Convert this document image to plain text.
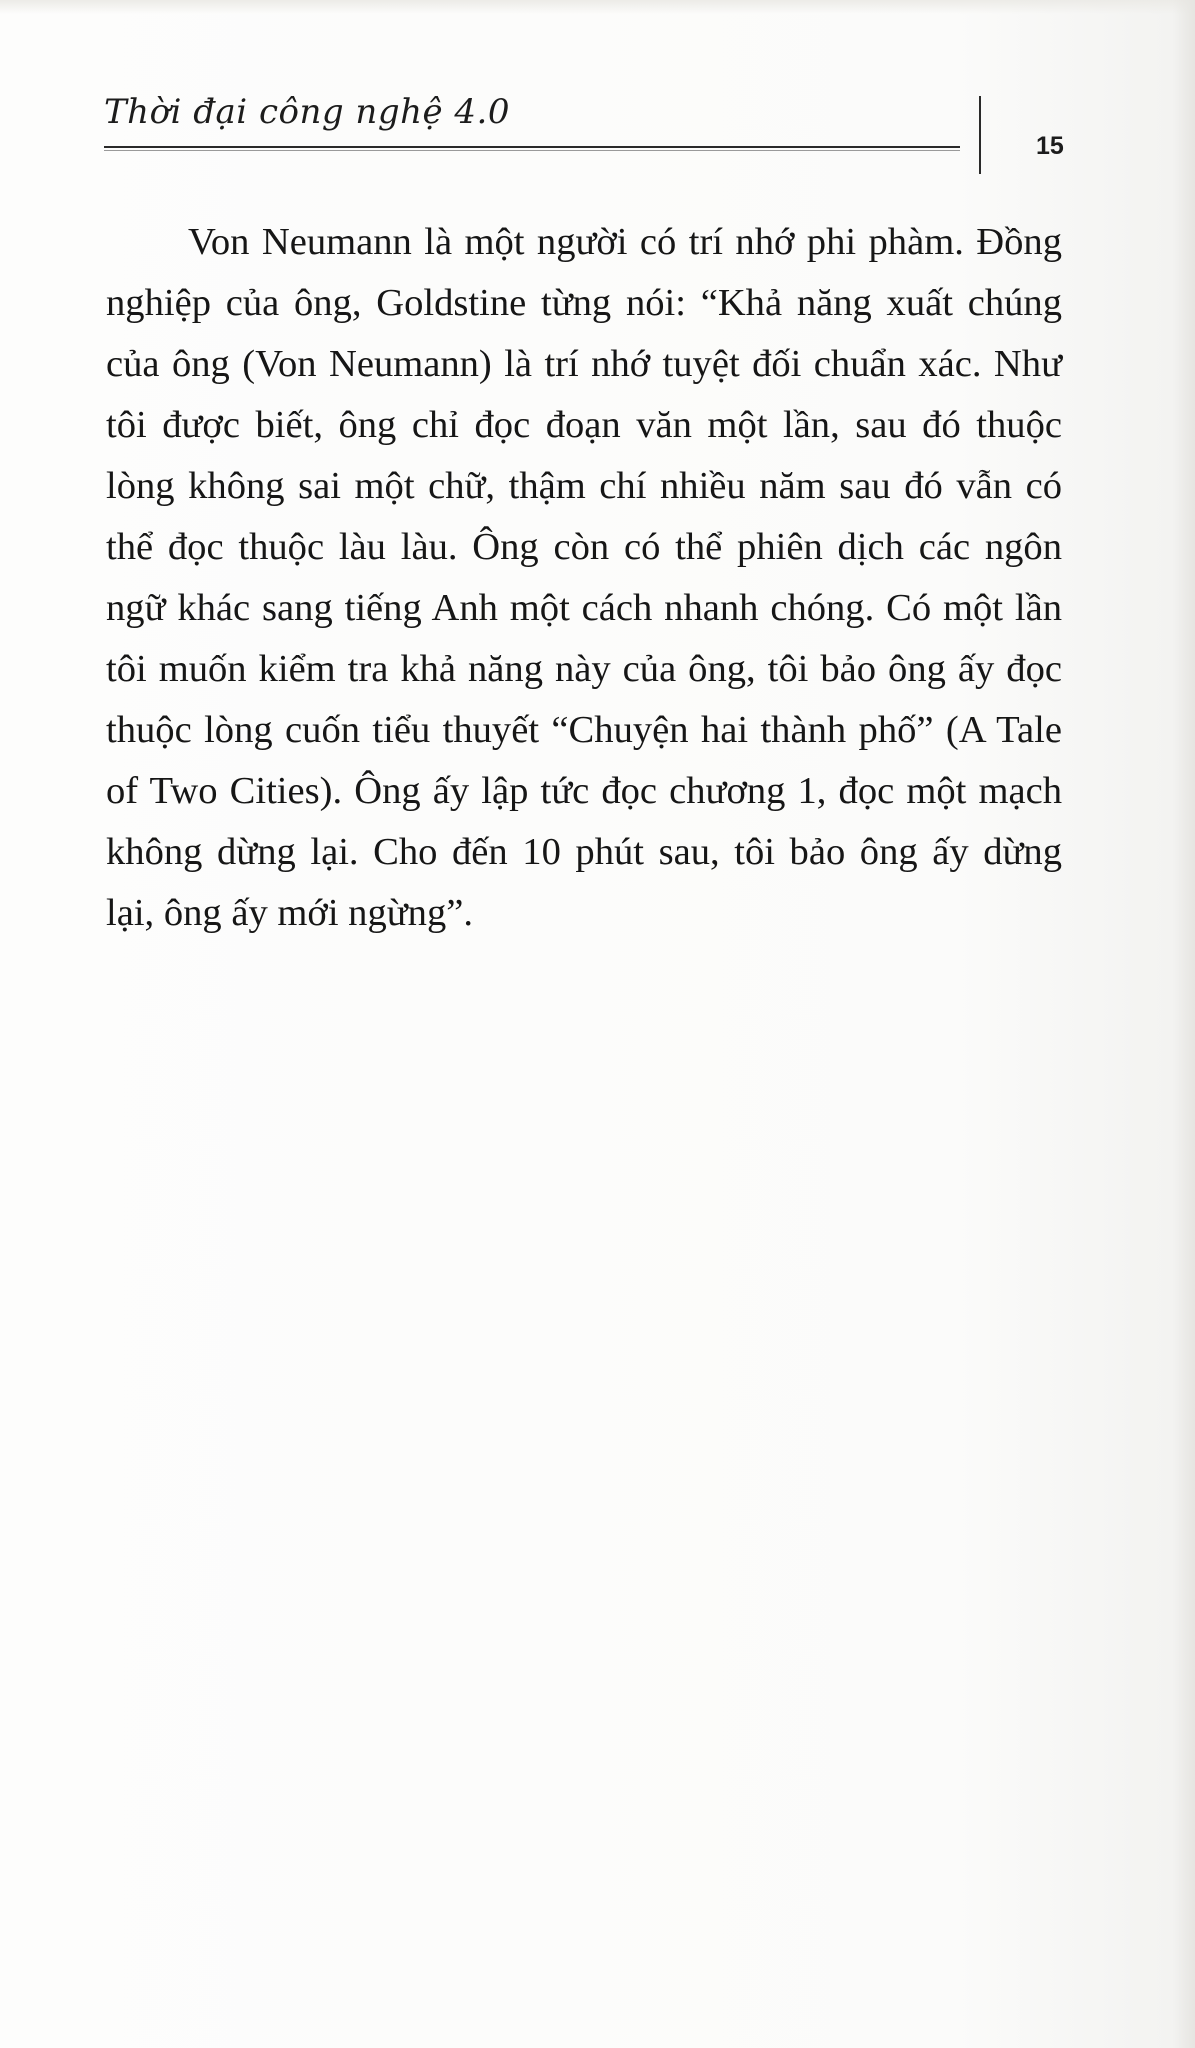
Thời đại công nghệ 4.0
15

Von Neumann là một người có trí nhớ phi phàm. Đồng
nghiệp của ông, Goldstine từng nói: “Khả năng xuất chúng
của ông (Von Neumann) là trí nhớ tuyệt đối chuẩn xác. Như
tôi được biết, ông chỉ đọc đoạn văn một lần, sau đó thuộc
lòng không sai một chữ, thậm chí nhiều năm sau đó vẫn có
thể đọc thuộc làu làu. Ông còn có thể phiên dịch các ngôn
ngữ khác sang tiếng Anh một cách nhanh chóng. Có một lần
tôi muốn kiểm tra khả năng này của ông, tôi bảo ông ấy đọc
thuộc lòng cuốn tiểu thuyết “Chuyện hai thành phố” (A Tale
of Two Cities). Ông ấy lập tức đọc chương 1, đọc một mạch
không dừng lại. Cho đến 10 phút sau, tôi bảo ông ấy dừng
lại, ông ấy mới ngừng”.
